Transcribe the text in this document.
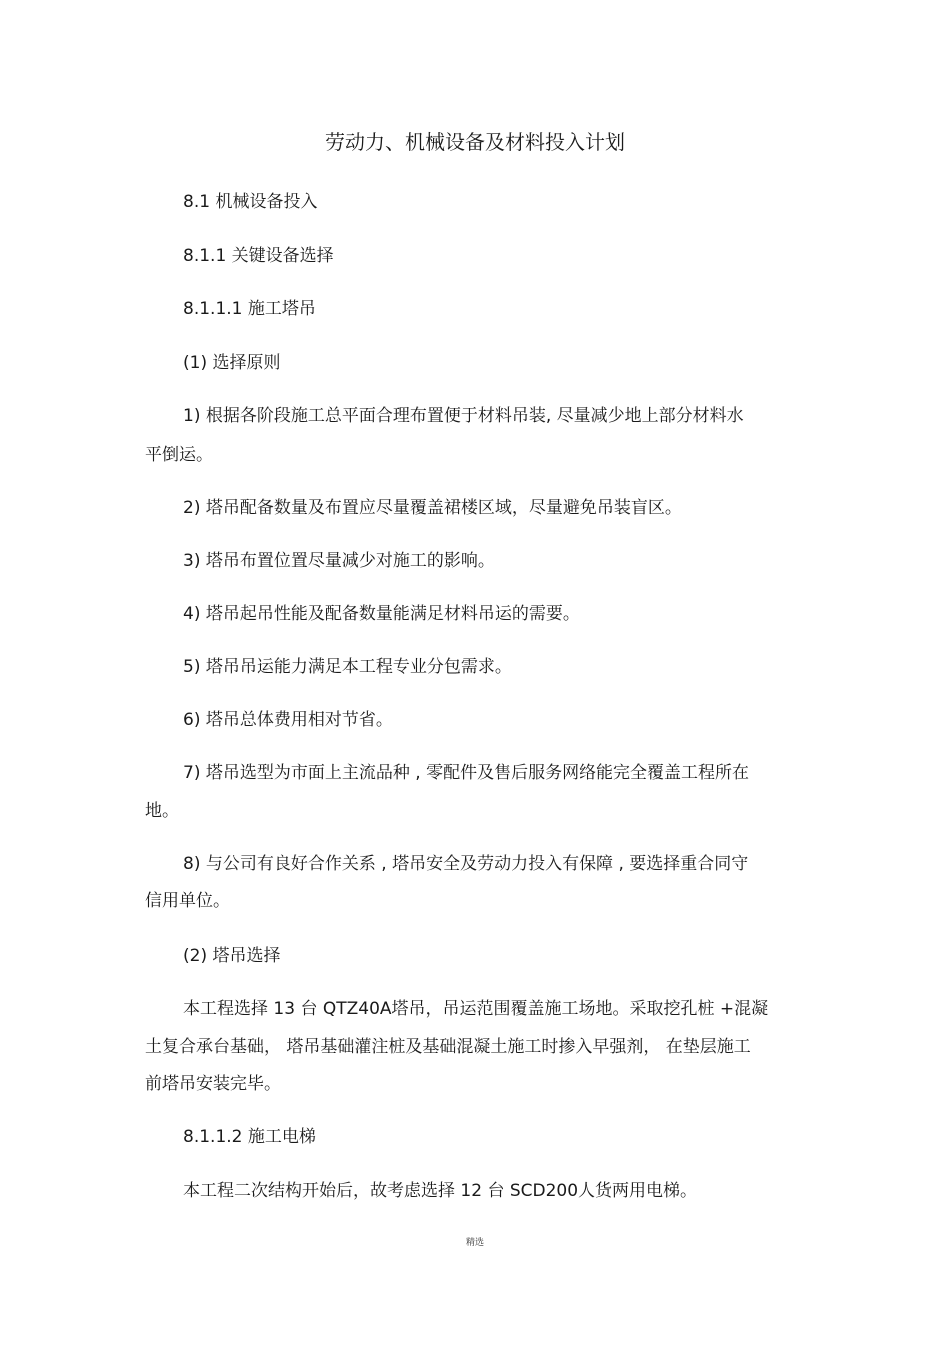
劳动力、机械设备及材料投入计划
8.1 机械设备投入
8.1.1 关键设备选择
8.1.1.1 施工塔吊
(1) 选择原则
1) 根据各阶段施工总平面合理布置便于材料吊装, 尽量减少地上部分材料水
平倒运。
2) 塔吊配备数量及布置应尽量覆盖裙楼区域，尽量避免吊装盲区。
3) 塔吊布置位置尽量减少对施工的影响。
4) 塔吊起吊性能及配备数量能满足材料吊运的需要。
5) 塔吊吊运能力满足本工程专业分包需求。
6) 塔吊总体费用相对节省。
7) 塔吊选型为市面上主流品种 , 零配件及售后服务网络能完全覆盖工程所在
地。
8) 与公司有良好合作关系 , 塔吊安全及劳动力投入有保障 , 要选择重合同守
信用单位。
(2) 塔吊选择
本工程选择 13 台 QTZ40A塔吊，吊运范围覆盖施工场地。采取挖孔桩 +混凝
土复合承台基础， 塔吊基础灌注桩及基础混凝土施工时掺入早强剂， 在垫层施工
前塔吊安装完毕。
8.1.1.2 施工电梯
本工程二次结构开始后，故考虑选择 12 台 SCD200人货两用电梯。
精选
